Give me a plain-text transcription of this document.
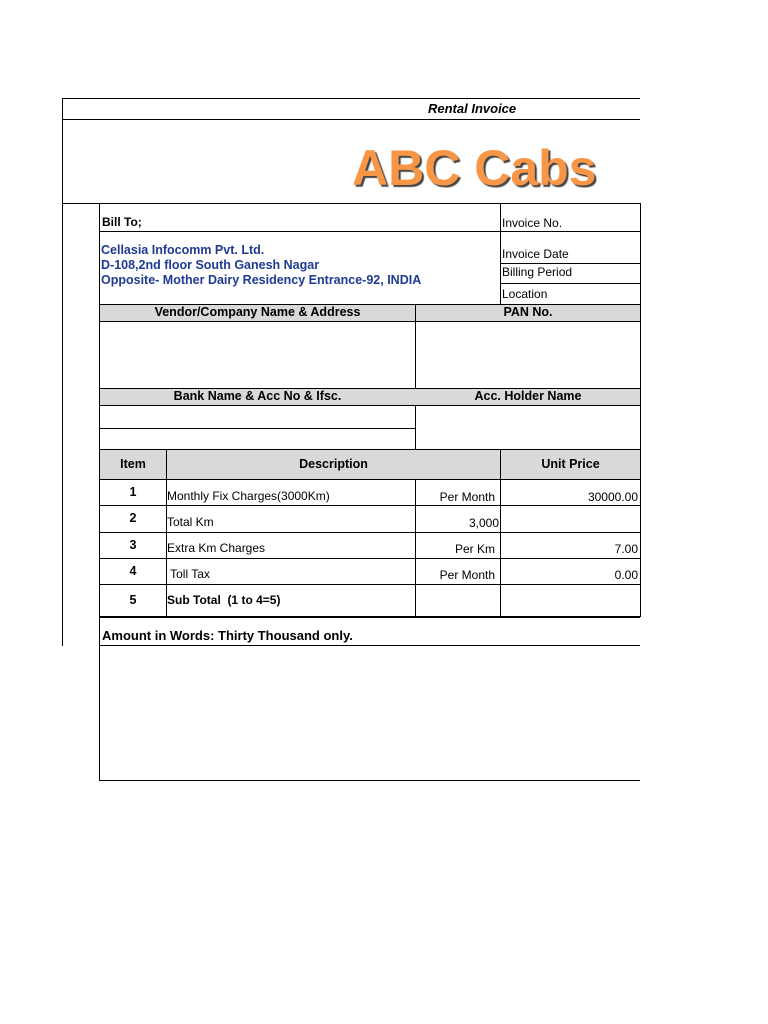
Rental Invoice
ABC Cabs
Bill To;
Cellasia Infocomm Pvt. Ltd.
D-108,2nd floor South Ganesh Nagar
Opposite- Mother Dairy Residency Entrance-92, INDIA
Invoice No.
Invoice Date
Billing Period
Location
Vendor/Company Name & Address	PAN No.
Bank Name & Acc No & Ifsc.	Acc. Holder Name
Item	Description	Unit Price
1	Monthly Fix Charges(3000Km)	Per Month	30000.00
2	Total Km	3,000
3	Extra Km Charges	Per Km	7.00
4	Toll Tax	Per Month	0.00
5	Sub Total  (1 to 4=5)
Amount in Words: Thirty Thousand only.
